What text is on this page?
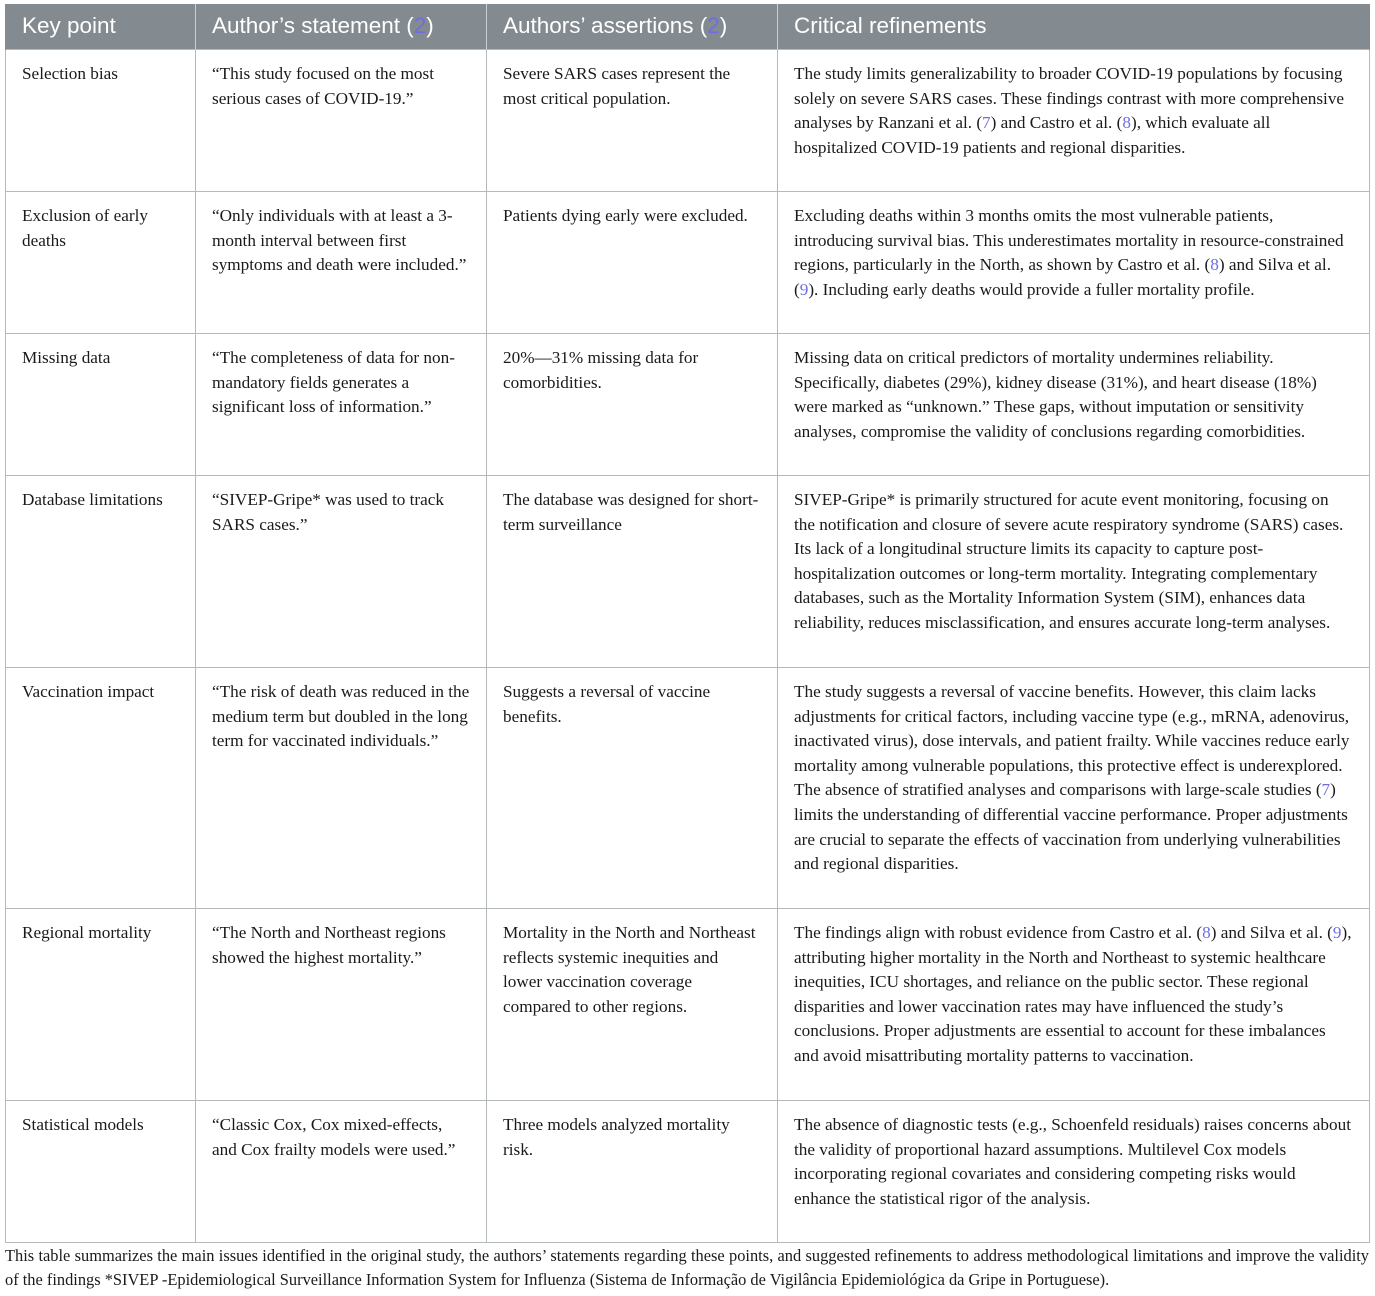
Key point	Author’s statement (2)	Authors’ assertions (2)	Critical refinements
Selection bias	“This study focused on the most serious cases of COVID-19.”	Severe SARS cases represent the most critical population.	The study limits generalizability to broader COVID-19 populations by focusing solely on severe SARS cases. These findings contrast with more comprehensive analyses by Ranzani et al. (7) and Castro et al. (8), which evaluate all hospitalized COVID-19 patients and regional disparities.
Exclusion of early deaths	“Only individuals with at least a 3-month interval between first symptoms and death were included.”	Patients dying early were excluded.	Excluding deaths within 3 months omits the most vulnerable patients, introducing survival bias. This underestimates mortality in resource-constrained regions, particularly in the North, as shown by Castro et al. (8) and Silva et al. (9). Including early deaths would provide a fuller mortality profile.
Missing data	“The completeness of data for non-mandatory fields generates a significant loss of information.”	20%—31% missing data for comorbidities.	Missing data on critical predictors of mortality undermines reliability. Specifically, diabetes (29%), kidney disease (31%), and heart disease (18%) were marked as “unknown.” These gaps, without imputation or sensitivity analyses, compromise the validity of conclusions regarding comorbidities.
Database limitations	“SIVEP-Gripe* was used to track SARS cases.”	The database was designed for short-term surveillance	SIVEP-Gripe* is primarily structured for acute event monitoring, focusing on the notification and closure of severe acute respiratory syndrome (SARS) cases. Its lack of a longitudinal structure limits its capacity to capture post-hospitalization outcomes or long-term mortality. Integrating complementary databases, such as the Mortality Information System (SIM), enhances data reliability, reduces misclassification, and ensures accurate long-term analyses.
Vaccination impact	“The risk of death was reduced in the medium term but doubled in the long term for vaccinated individuals.”	Suggests a reversal of vaccine benefits.	The study suggests a reversal of vaccine benefits. However, this claim lacks adjustments for critical factors, including vaccine type (e.g., mRNA, adenovirus, inactivated virus), dose intervals, and patient frailty. While vaccines reduce early mortality among vulnerable populations, this protective effect is underexplored. The absence of stratified analyses and comparisons with large-scale studies (7) limits the understanding of differential vaccine performance. Proper adjustments are crucial to separate the effects of vaccination from underlying vulnerabilities and regional disparities.
Regional mortality	“The North and Northeast regions showed the highest mortality.”	Mortality in the North and Northeast reflects systemic inequities and lower vaccination coverage compared to other regions.	The findings align with robust evidence from Castro et al. (8) and Silva et al. (9), attributing higher mortality in the North and Northeast to systemic healthcare inequities, ICU shortages, and reliance on the public sector. These regional disparities and lower vaccination rates may have influenced the study’s conclusions. Proper adjustments are essential to account for these imbalances and avoid misattributing mortality patterns to vaccination.
Statistical models	“Classic Cox, Cox mixed-effects, and Cox frailty models were used.”	Three models analyzed mortality risk.	The absence of diagnostic tests (e.g., Schoenfeld residuals) raises concerns about the validity of proportional hazard assumptions. Multilevel Cox models incorporating regional covariates and considering competing risks would enhance the statistical rigor of the analysis.
This table summarizes the main issues identified in the original study, the authors’ statements regarding these points, and suggested refinements to address methodological limitations and improve the validity of the findings *SIVEP -Epidemiological Surveillance Information System for Influenza (Sistema de Informação de Vigilância Epidemiológica da Gripe in Portuguese).
